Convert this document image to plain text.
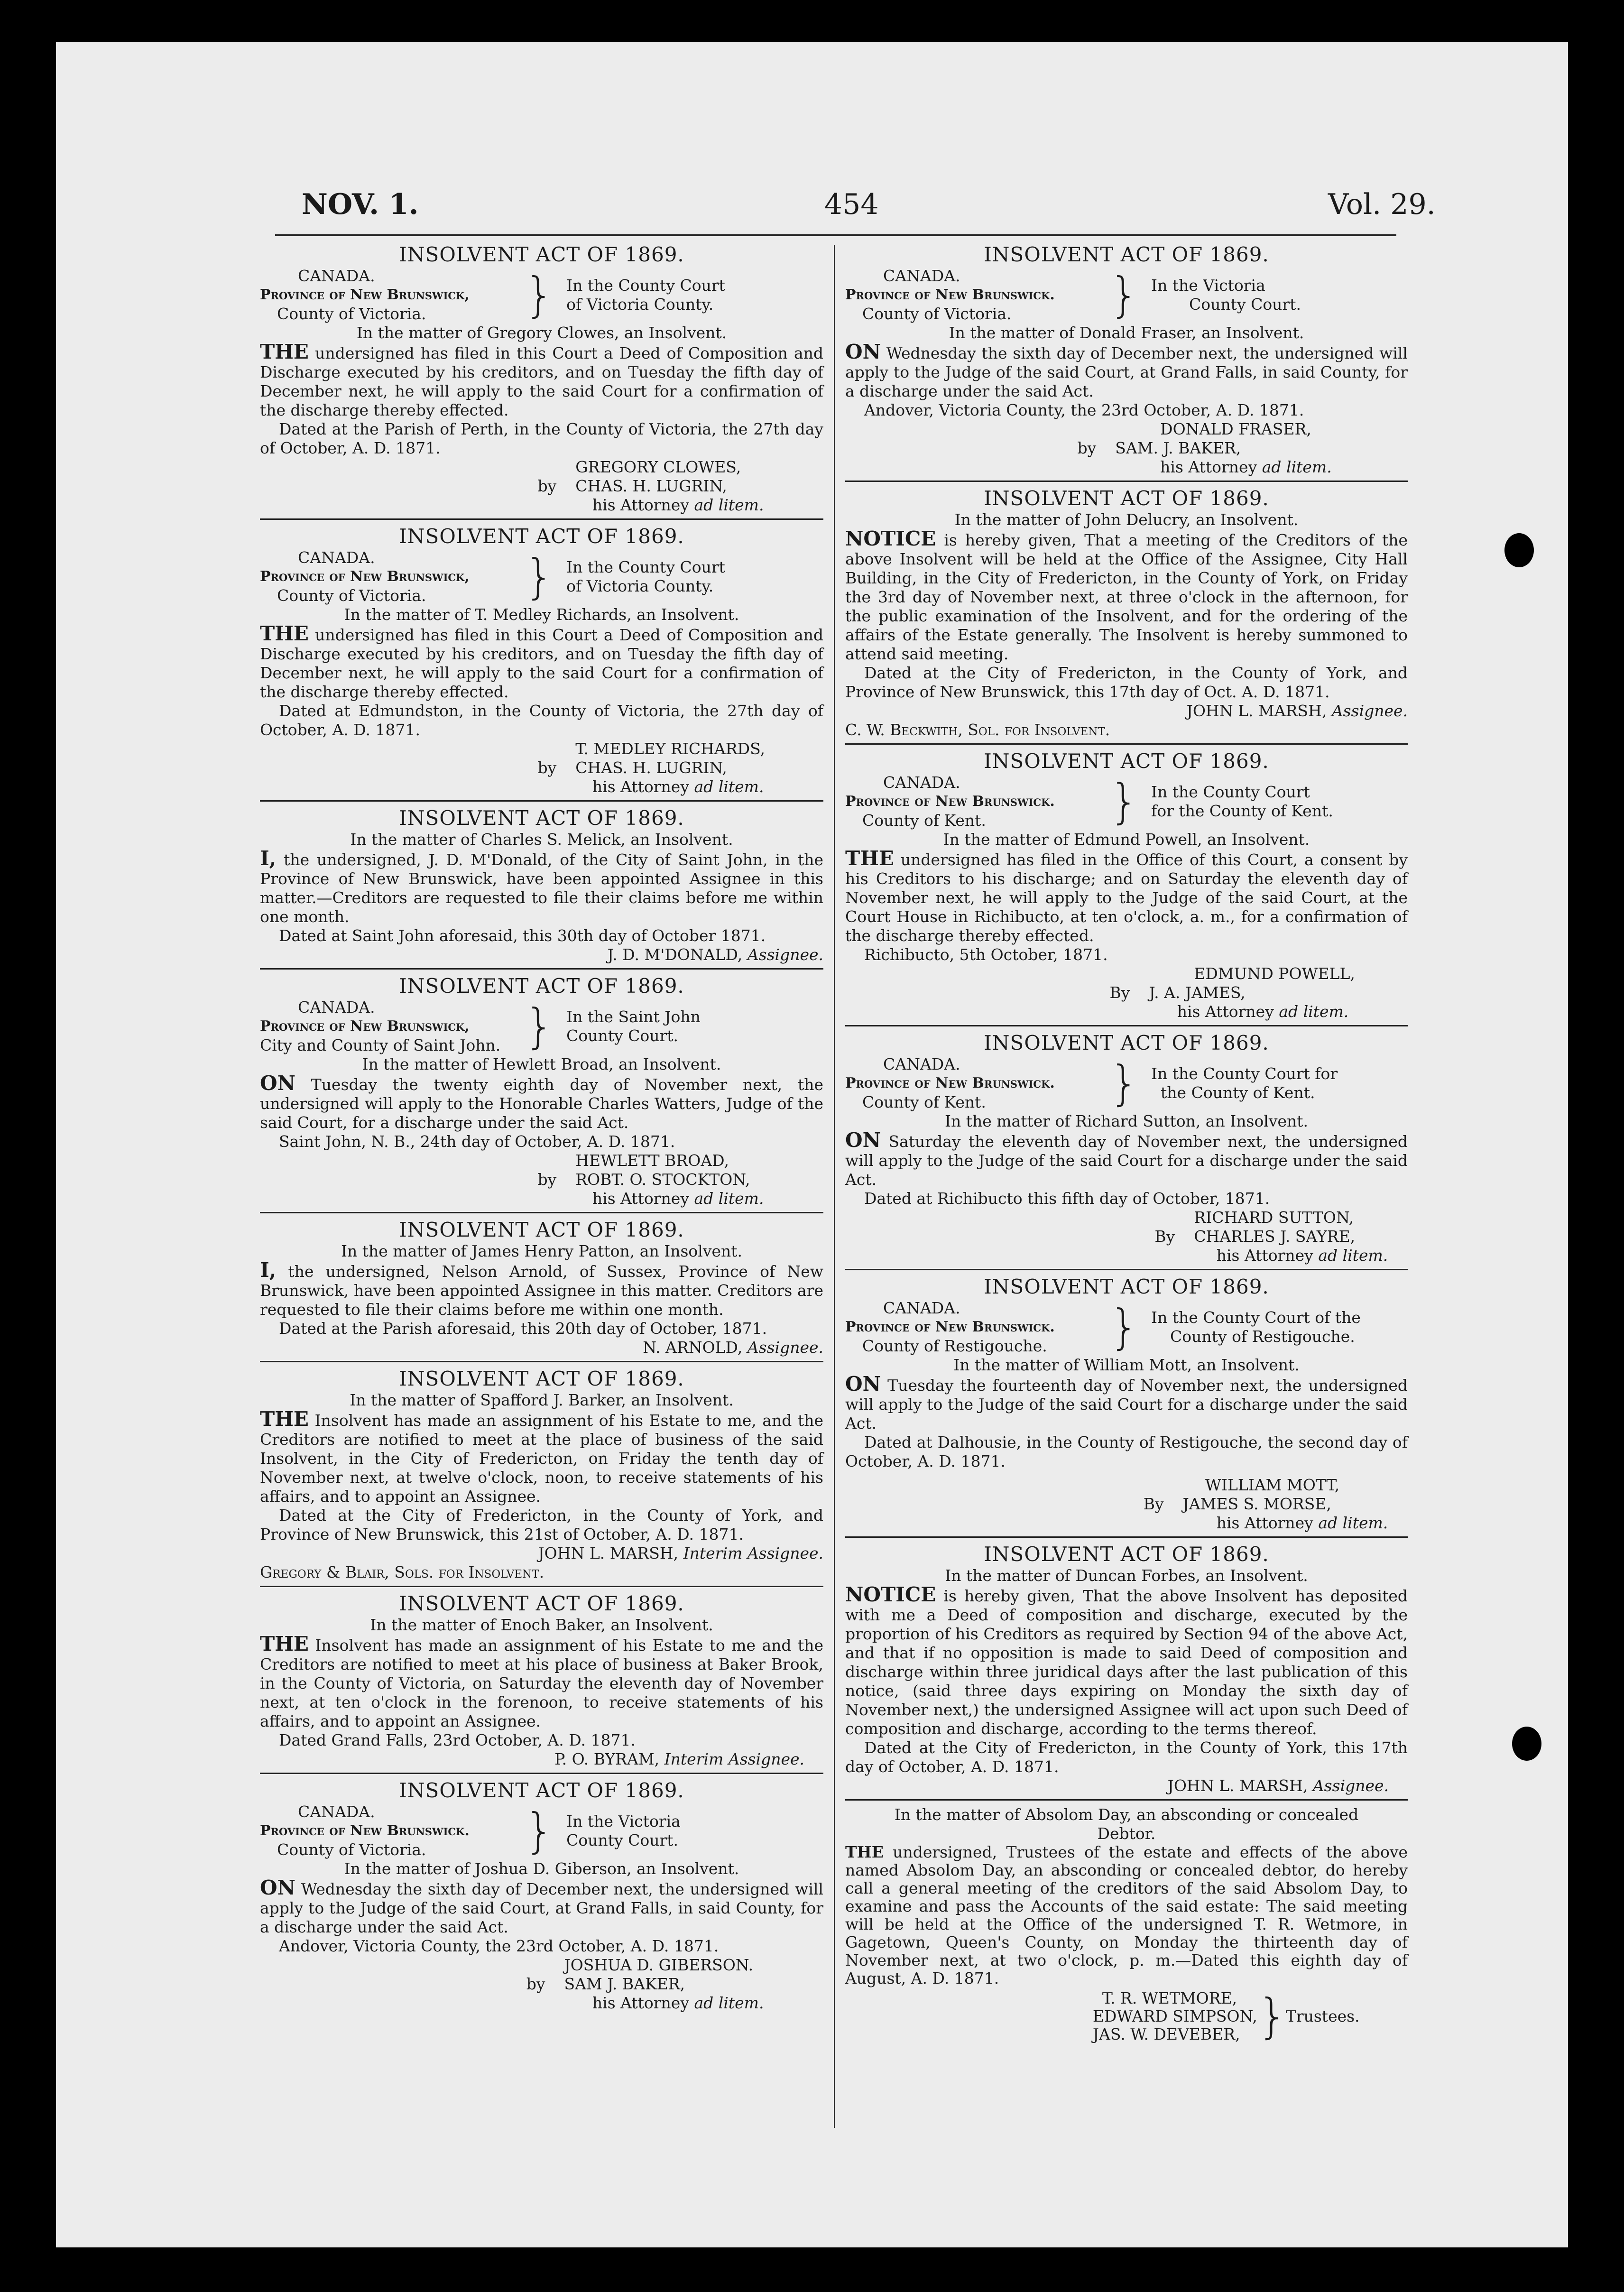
NOV. 1.	454	Vol. 29.
INSOLVENT ACT OF 1869.
CANADA.
Province of New Brunswick,
County of Victoria.	} In the County Court
of Victoria County.
In the matter of Gregory Clowes, an Insolvent.
THE undersigned has filed in this Court a Deed of Composition and Discharge executed by his creditors, and on Tuesday the fifth day of December next, he will apply to the said Court for a confirmation of the discharge thereby effected.
Dated at the Parish of Perth, in the County of Victoria, the 27th day of October, A. D. 1871.
GREGORY CLOWES,
by CHAS. H. LUGRIN,
his Attorney ad litem.
INSOLVENT ACT OF 1869.
CANADA.
Province of New Brunswick,
County of Victoria.	} In the County Court
of Victoria County.
In the matter of T. Medley Richards, an Insolvent.
THE undersigned has filed in this Court a Deed of Composition and Discharge executed by his creditors, and on Tuesday the fifth day of December next, he will apply to the said Court for a confirmation of the discharge thereby effected.
Dated at Edmundston, in the County of Victoria, the 27th day of October, A. D. 1871.
T. MEDLEY RICHARDS,
by CHAS. H. LUGRIN,
his Attorney ad litem.
INSOLVENT ACT OF 1869.
In the matter of Charles S. Melick, an Insolvent.
I, the undersigned, J. D. M'Donald, of the City of Saint John, in the Province of New Brunswick, have been appointed Assignee in this matter.—Creditors are requested to file their claims before me within one month.
Dated at Saint John aforesaid, this 30th day of October 1871.
J. D. M'DONALD, Assignee.
INSOLVENT ACT OF 1869.
CANADA.
Province of New Brunswick,
City and County of Saint John. } In the Saint John
County Court.
In the matter of Hewlett Broad, an Insolvent.
ON Tuesday the twenty eighth day of November next, the undersigned will apply to the Honorable Charles Watters, Judge of the said Court, for a discharge under the said Act.
Saint John, N. B., 24th day of October, A. D. 1871.
HEWLETT BROAD,
by ROBT. O. STOCKTON,
his Attorney ad litem.
INSOLVENT ACT OF 1869.
In the matter of James Henry Patton, an Insolvent.
I, the undersigned, Nelson Arnold, of Sussex, Province of New Brunswick, have been appointed Assignee in this matter. Creditors are requested to file their claims before me within one month.
Dated at the Parish aforesaid, this 20th day of October, 1871.
N. ARNOLD, Assignee.
INSOLVENT ACT OF 1869.
In the matter of Spafford J. Barker, an Insolvent.
THE Insolvent has made an assignment of his Estate to me, and the Creditors are notified to meet at the place of business of the said Insolvent, in the City of Fredericton, on Friday the tenth day of November next, at twelve o'clock, noon, to receive statements of his affairs, and to appoint an Assignee.
Dated at the City of Fredericton, in the County of York, and Province of New Brunswick, this 21st of October, A. D. 1871.
JOHN L. MARSH, Interim Assignee.
Gregory & Blair, Sols. for Insolvent.
INSOLVENT ACT OF 1869.
In the matter of Enoch Baker, an Insolvent.
THE Insolvent has made an assignment of his Estate to me and the Creditors are notified to meet at his place of business at Baker Brook, in the County of Victoria, on Saturday the eleventh day of November next, at ten o'clock in the forenoon, to receive statements of his affairs, and to appoint an Assignee.
Dated Grand Falls, 23rd October, A. D. 1871.
P. O. BYRAM, Interim Assignee.
INSOLVENT ACT OF 1869.
CANADA.
Province of New Brunswick.
County of Victoria.	} In the Victoria
County Court.
In the matter of Joshua D. Giberson, an Insolvent.
ON Wednesday the sixth day of December next, the undersigned will apply to the Judge of the said Court, at Grand Falls, in said County, for a discharge under the said Act.
Andover, Victoria County, the 23rd October, A. D. 1871.
JOSHUA D. GIBERSON.
by SAM J. BAKER,
his Attorney ad litem.
INSOLVENT ACT OF 1869.
CANADA.
Province of New Brunswick.
County of Victoria.	} In the Victoria
County Court.
In the matter of Donald Fraser, an Insolvent.
ON Wednesday the sixth day of December next, the undersigned will apply to the Judge of the said Court, at Grand Falls, in said County, for a discharge under the said Act.
Andover, Victoria County, the 23rd October, A. D. 1871.
DONALD FRASER,
by SAM. J. BAKER,
his Attorney ad litem.
INSOLVENT ACT OF 1869.
In the matter of John Delucry, an Insolvent.
NOTICE is hereby given, That a meeting of the Creditors of the above Insolvent will be held at the Office of the Assignee, City Hall Building, in the City of Fredericton, in the County of York, on Friday the 3rd day of November next, at three o'clock in the afternoon, for the public examination of the Insolvent, and for the ordering of the affairs of the Estate generally. The Insolvent is hereby summoned to attend said meeting.
Dated at the City of Fredericton, in the County of York, and Province of New Brunswick, this 17th day of Oct. A. D. 1871.
JOHN L. MARSH, Assignee.
C. W. Beckwith, Sol. for Insolvent.
INSOLVENT ACT OF 1869.
CANADA.
Province of New Brunswick.
County of Kent.	} In the County Court
for the County of Kent.
In the matter of Edmund Powell, an Insolvent.
THE undersigned has filed in the Office of this Court, a consent by his Creditors to his discharge; and on Saturday the eleventh day of November next, he will apply to the Judge of the said Court, at the Court House in Richibucto, at ten o'clock, a. m., for a confirmation of the discharge thereby effected.
Richibucto, 5th October, 1871.
EDMUND POWELL,
By J. A. JAMES,
his Attorney ad litem.
INSOLVENT ACT OF 1869.
CANADA.
Province of New Brunswick.
County of Kent.	} In the County Court for
the County of Kent.
In the matter of Richard Sutton, an Insolvent.
ON Saturday the eleventh day of November next, the undersigned will apply to the Judge of the said Court for a discharge under the said Act.
Dated at Richibucto this fifth day of October, 1871.
RICHARD SUTTON,
By CHARLES J. SAYRE,
his Attorney ad litem.
INSOLVENT ACT OF 1869.
CANADA.
Province of New Brunswick.
County of Restigouche.	} In the County Court of the
County of Restigouche.
In the matter of William Mott, an Insolvent.
ON Tuesday the fourteenth day of November next, the undersigned will apply to the Judge of the said Court for a discharge under the said Act.
Dated at Dalhousie, in the County of Restigouche, the second day of October, A. D. 1871.
WILLIAM MOTT,
By JAMES S. MORSE,
his Attorney ad litem.
INSOLVENT ACT OF 1869.
In the matter of Duncan Forbes, an Insolvent.
NOTICE is hereby given, That the above Insolvent has deposited with me a Deed of composition and discharge, executed by the proportion of his Creditors as required by Section 94 of the above Act, and that if no opposition is made to said Deed of composition and discharge within three juridical days after the last publication of this notice, (said three days expiring on Monday the sixth day of November next,) the undersigned Assignee will act upon such Deed of composition and discharge, according to the terms thereof.
Dated at the City of Fredericton, in the County of York, this 17th day of October, A. D. 1871.
JOHN L. MARSH, Assignee.
In the matter of Absolom Day, an absconding or concealed Debtor.
THE undersigned, Trustees of the estate and effects of the above named Absolom Day, an absconding or concealed debtor, do hereby call a general meeting of the creditors of the said Absolom Day, to examine and pass the Accounts of the said estate: The said meeting will be held at the Office of the undersigned T. R. Wetmore, in Gagetown, Queen's County, on Monday the thirteenth day of November next, at two o'clock, p. m.—Dated this eighth day of August, A. D. 1871.
T. R. WETMORE,
EDWARD SIMPSON,
JAS. W. DEVEBER, }
Trustees.
